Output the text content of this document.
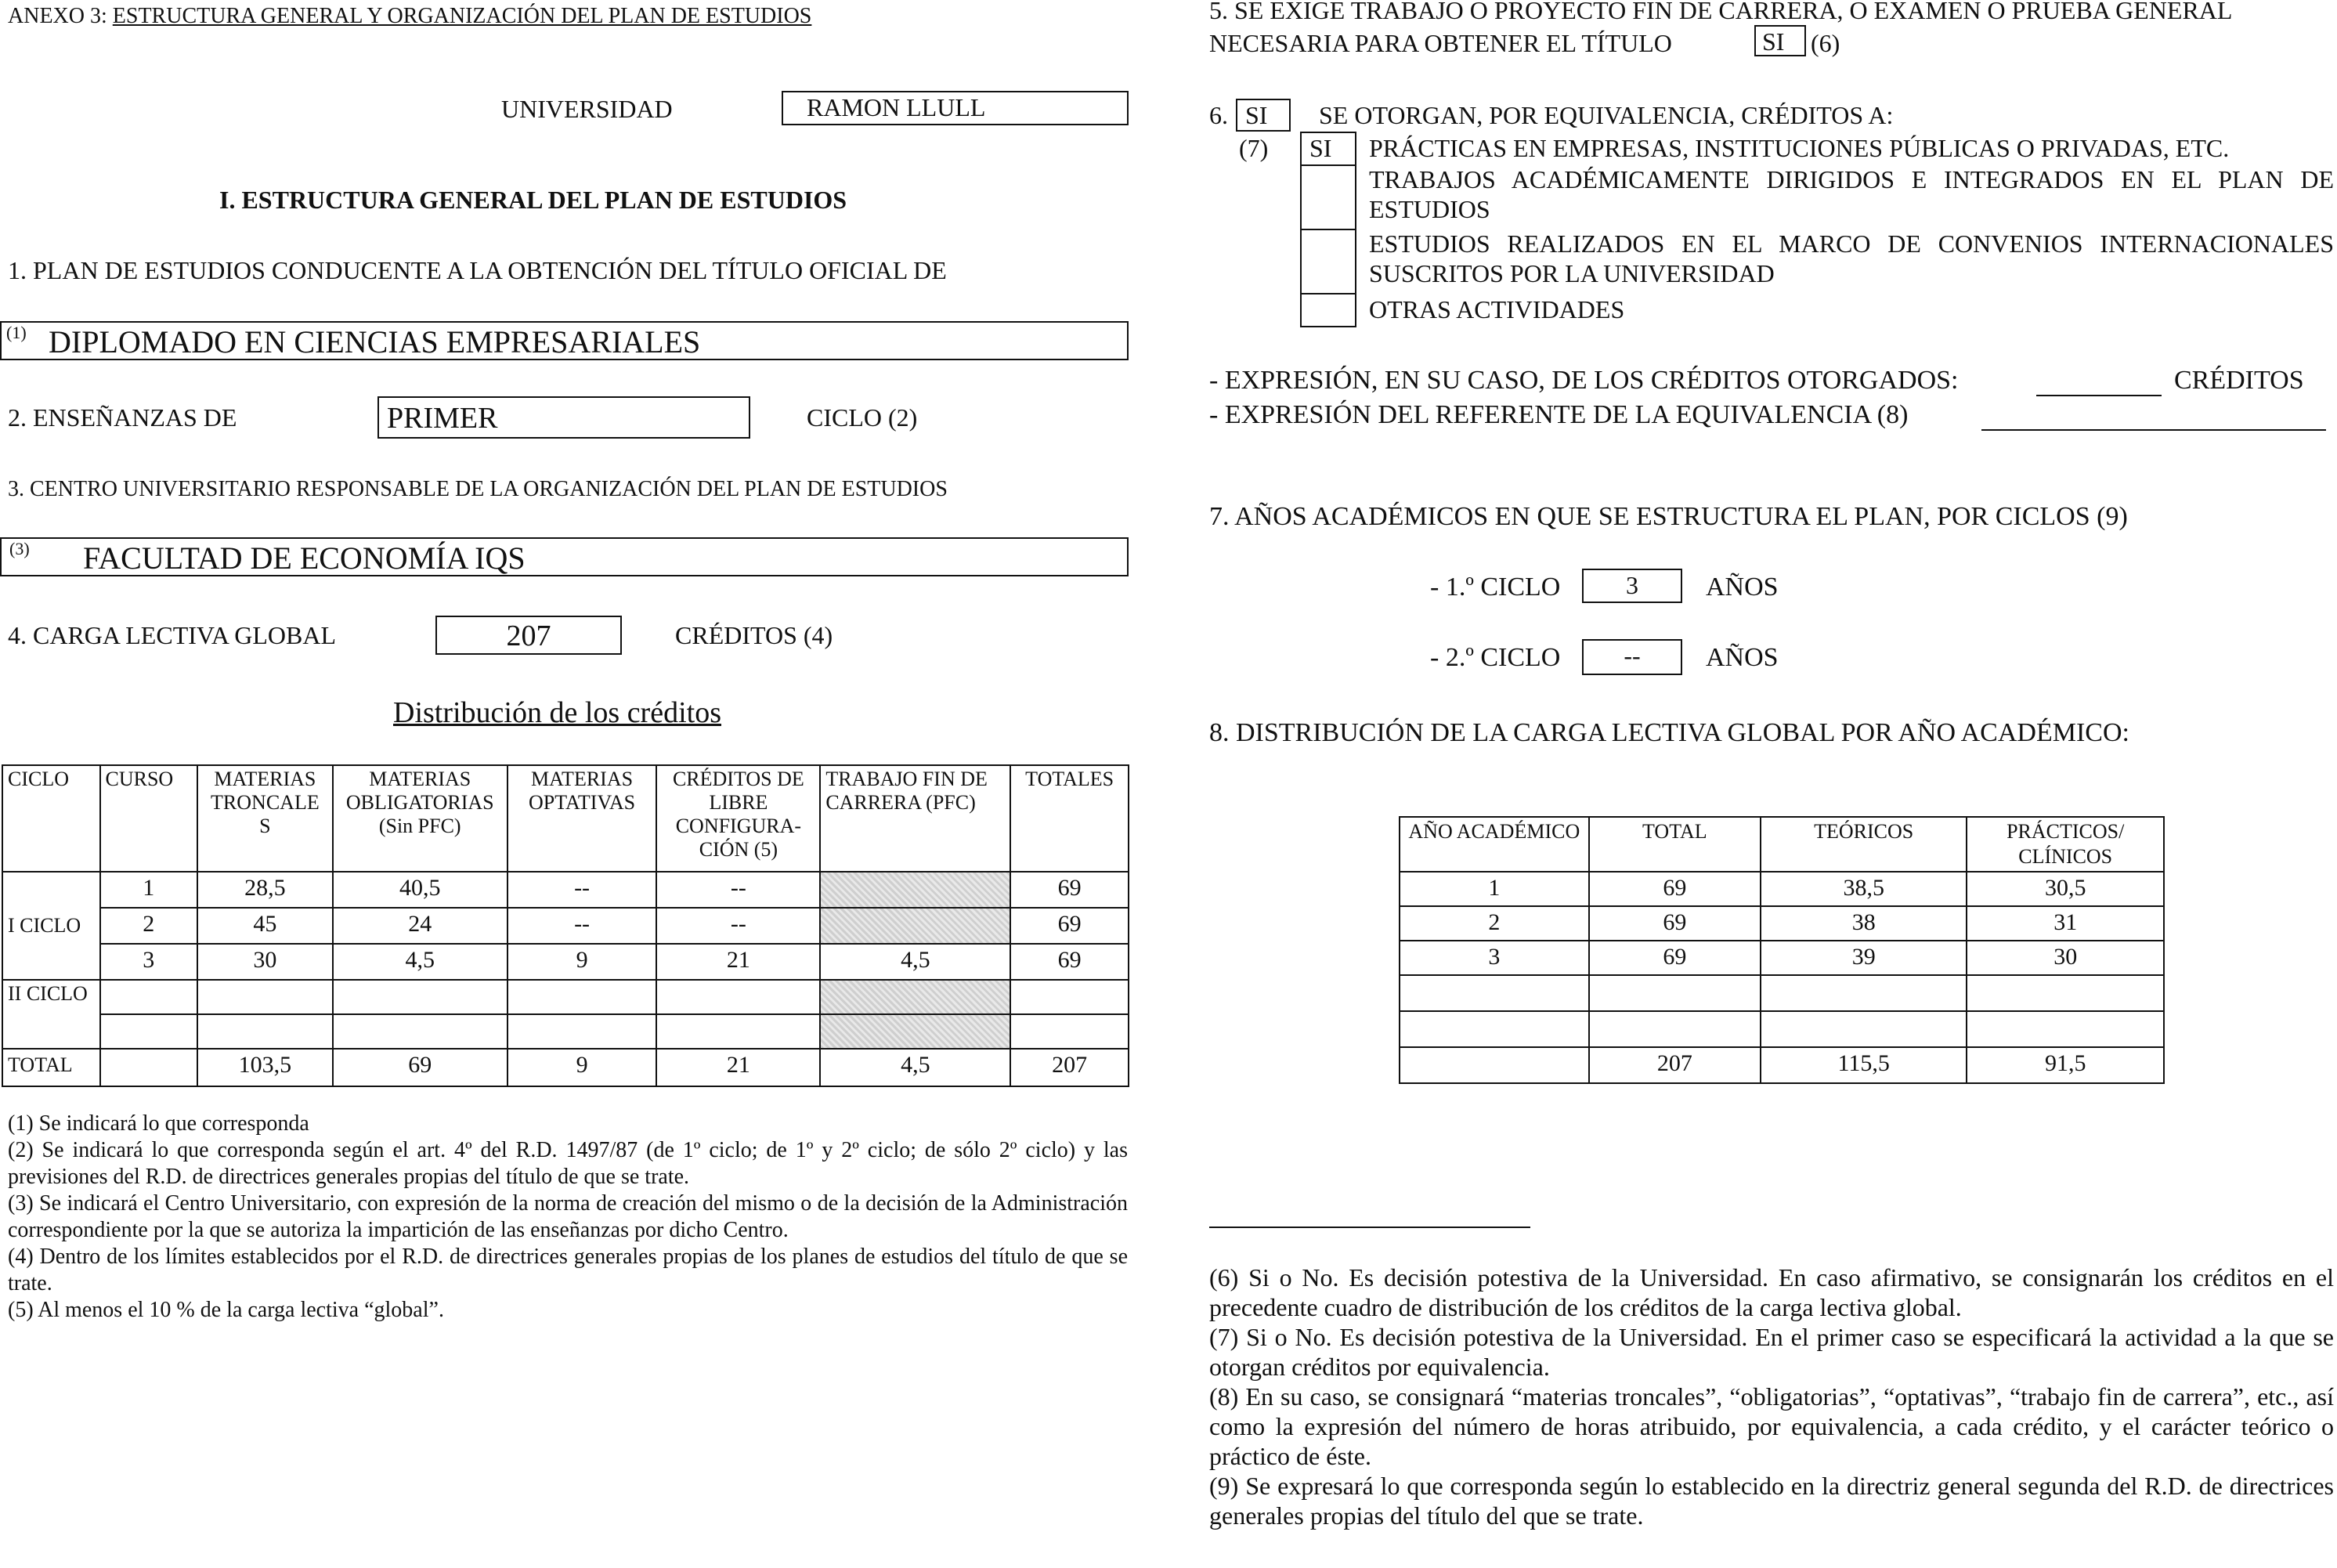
ANEXO 3: ESTRUCTURA GENERAL Y ORGANIZACIÓN DEL PLAN DE ESTUDIOS
UNIVERSIDAD	RAMON LLULL
I. ESTRUCTURA GENERAL DEL PLAN DE ESTUDIOS
1. PLAN DE ESTUDIOS CONDUCENTE A LA OBTENCIÓN DEL TÍTULO OFICIAL DE
(1) DIPLOMADO EN CIENCIAS EMPRESARIALES
2. ENSEÑANZAS DE	PRIMER	CICLO (2)
3. CENTRO UNIVERSITARIO RESPONSABLE DE LA ORGANIZACIÓN DEL PLAN DE ESTUDIOS
(3) FACULTAD DE ECONOMÍA IQS
4. CARGA LECTIVA GLOBAL	207	CRÉDITOS (4)
Distribución de los créditos
CICLO	CURSO	MATERIAS TRONCALE S	MATERIAS OBLIGATORIAS (Sin PFC)	MATERIAS OPTATIVAS	CRÉDITOS DE LIBRE CONFIGURA-CIÓN (5)	TRABAJO FIN DE CARRERA (PFC)	TOTALES
I CICLO	1	28,5	40,5	--	--		69
	2	45	24	--	--		69
	3	30	4,5	9	21	4,5	69
II CICLO							

TOTAL		103,5	69	9	21	4,5	207

(1) Se indicará lo que corresponda

(2) Se indicará lo que corresponda según el art. 4º del R.D. 1497/87 (de 1º ciclo; de 1º y 2º ciclo; de sólo 2º ciclo) y las previsiones del R.D. de directrices generales propias del título de que se trate.

(3) Se indicará el Centro Universitario, con expresión de la norma de creación del mismo o de la decisión de la Administración correspondiente por la que se autoriza la impartición de las enseñanzas por dicho Centro.

(4) Dentro de los límites establecidos por el R.D. de directrices generales propias de los planes de estudios del título de que se trate.

(5) Al menos el 10 % de la carga lectiva “global”.

5. SE EXIGE TRABAJO O PROYECTO FIN DE CARRERA, O EXAMEN O PRUEBA GENERAL
NECESARIA PARA OBTENER EL TÍTULO	SI	(6)
6. SI	SE OTORGAN, POR EQUIVALENCIA, CRÉDITOS A:
(7)	SI	PRÁCTICAS EN EMPRESAS, INSTITUCIONES PÚBLICAS O PRIVADAS, ETC.
TRABAJOS ACADÉMICAMENTE DIRIGIDOS E INTEGRADOS EN EL PLAN DE ESTUDIOS
ESTUDIOS REALIZADOS EN EL MARCO DE CONVENIOS INTERNACIONALES SUSCRITOS POR LA UNIVERSIDAD
OTRAS ACTIVIDADES
- EXPRESIÓN, EN SU CASO, DE LOS CRÉDITOS OTORGADOS:	CRÉDITOS
- EXPRESIÓN DEL REFERENTE DE LA EQUIVALENCIA (8)
7. AÑOS ACADÉMICOS EN QUE SE ESTRUCTURA EL PLAN, POR CICLOS (9)
- 1.º CICLO	3	AÑOS
- 2.º CICLO	--	AÑOS
8. DISTRIBUCIÓN DE LA CARGA LECTIVA GLOBAL POR AÑO ACADÉMICO:
AÑO ACADÉMICO	TOTAL	TEÓRICOS	PRÁCTICOS/ CLÍNICOS
1	69	38,5	30,5
2	69	38	31
3	69	39	30

	207	115,5	91,5

(6) Si o No. Es decisión potestiva de la Universidad. En caso afirmativo, se consignarán los créditos en el precedente cuadro de distribución de los créditos de la carga lectiva global.

(7) Si o No. Es decisión potestiva de la Universidad. En el primer caso se especificará la actividad a la que se otorgan créditos por equivalencia.

(8) En su caso, se consignará “materias troncales”, “obligatorias”, “optativas”, “trabajo fin de carrera”, etc., así como la expresión del número de horas atribuido, por equivalencia, a cada crédito, y el carácter teórico o práctico de éste.

(9) Se expresará lo que corresponda según lo establecido en la directriz general segunda del R.D. de directrices generales propias del título del que se trate.
